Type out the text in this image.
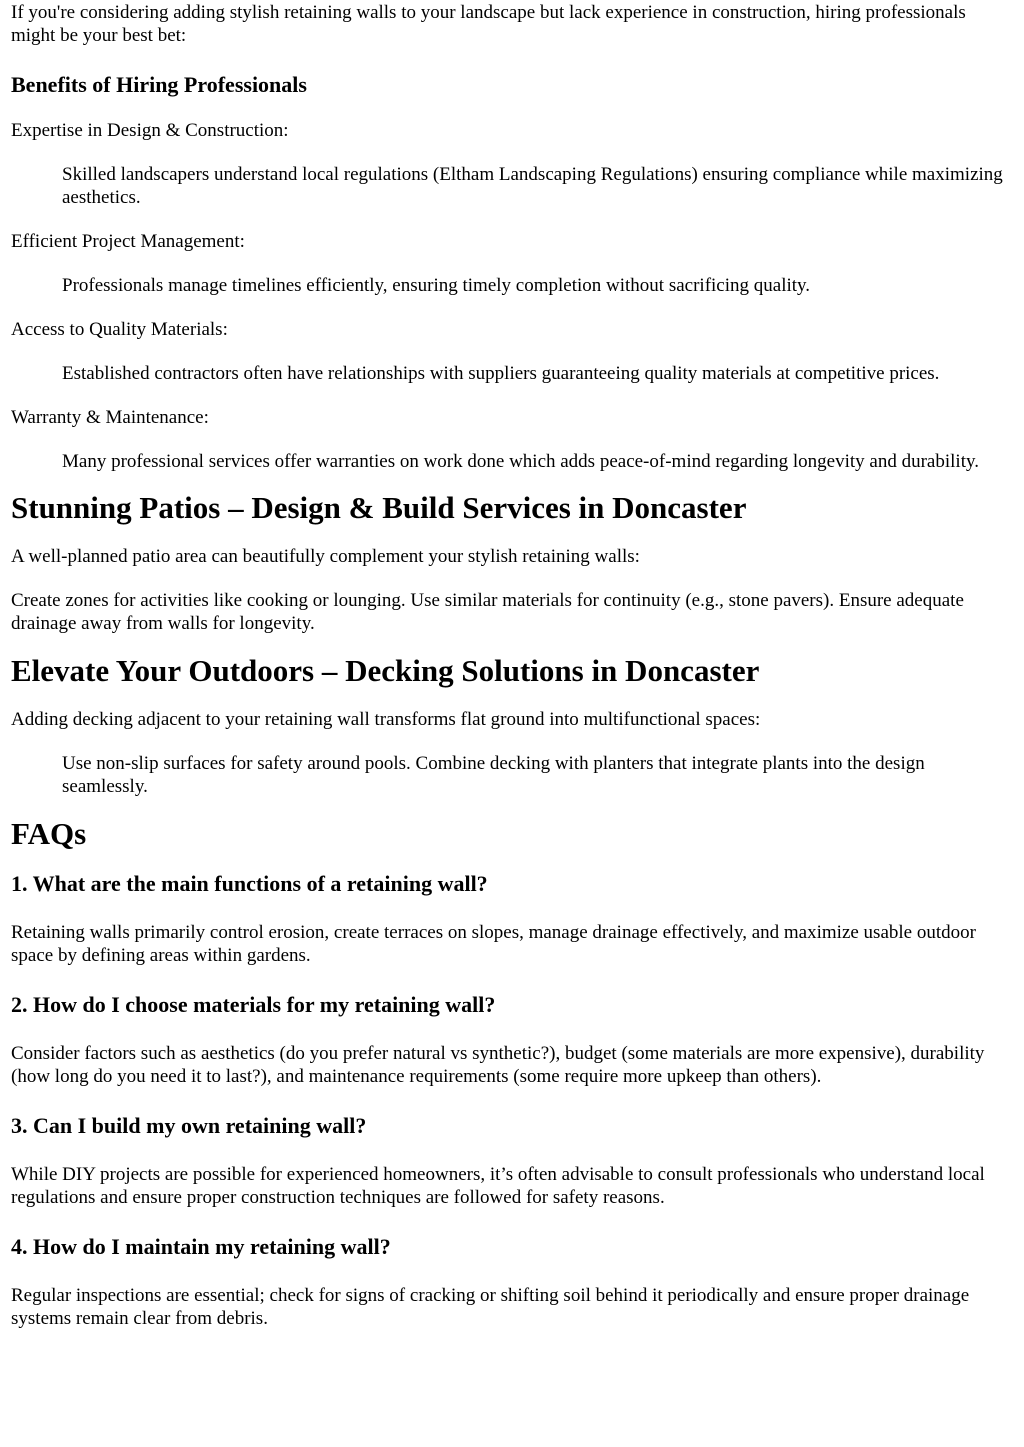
If you're considering adding stylish retaining walls to your landscape but lack experience in construction, hiring professionals might be your best bet:

Benefits of Hiring Professionals
Expertise in Design & Construction:
Skilled landscapers understand local regulations (Eltham Landscaping Regulations) ensuring compliance while maximizing aesthetics.
Efficient Project Management:
Professionals manage timelines efficiently, ensuring timely completion without sacrificing quality.
Access to Quality Materials:
Established contractors often have relationships with suppliers guaranteeing quality materials at competitive prices.
Warranty & Maintenance:
Many professional services offer warranties on work done which adds peace-of-mind regarding longevity and durability.
Stunning Patios – Design & Build Services in Doncaster

A well-planned patio area can beautifully complement your stylish retaining walls:

Create zones for activities like cooking or lounging. Use similar materials for continuity (e.g., stone pavers). Ensure adequate drainage away from walls for longevity.

Elevate Your Outdoors – Decking Solutions in Doncaster

Adding decking adjacent to your retaining wall transforms flat ground into multifunctional spaces:

Use non-slip surfaces for safety around pools. Combine decking with planters that integrate plants into the design seamlessly.

FAQs
1. What are the main functions of a retaining wall?

Retaining walls primarily control erosion, create terraces on slopes, manage drainage effectively, and maximize usable outdoor space by defining areas within gardens.

2. How do I choose materials for my retaining wall?

Consider factors such as aesthetics (do you prefer natural vs synthetic?), budget (some materials are more expensive), durability (how long do you need it to last?), and maintenance requirements (some require more upkeep than others).

3. Can I build my own retaining wall?

While DIY projects are possible for experienced homeowners, it’s often advisable to consult professionals who understand local regulations and ensure proper construction techniques are followed for safety reasons.

4. How do I maintain my retaining wall?

Regular inspections are essential; check for signs of cracking or shifting soil behind it periodically and ensure proper drainage systems remain clear from debris.
